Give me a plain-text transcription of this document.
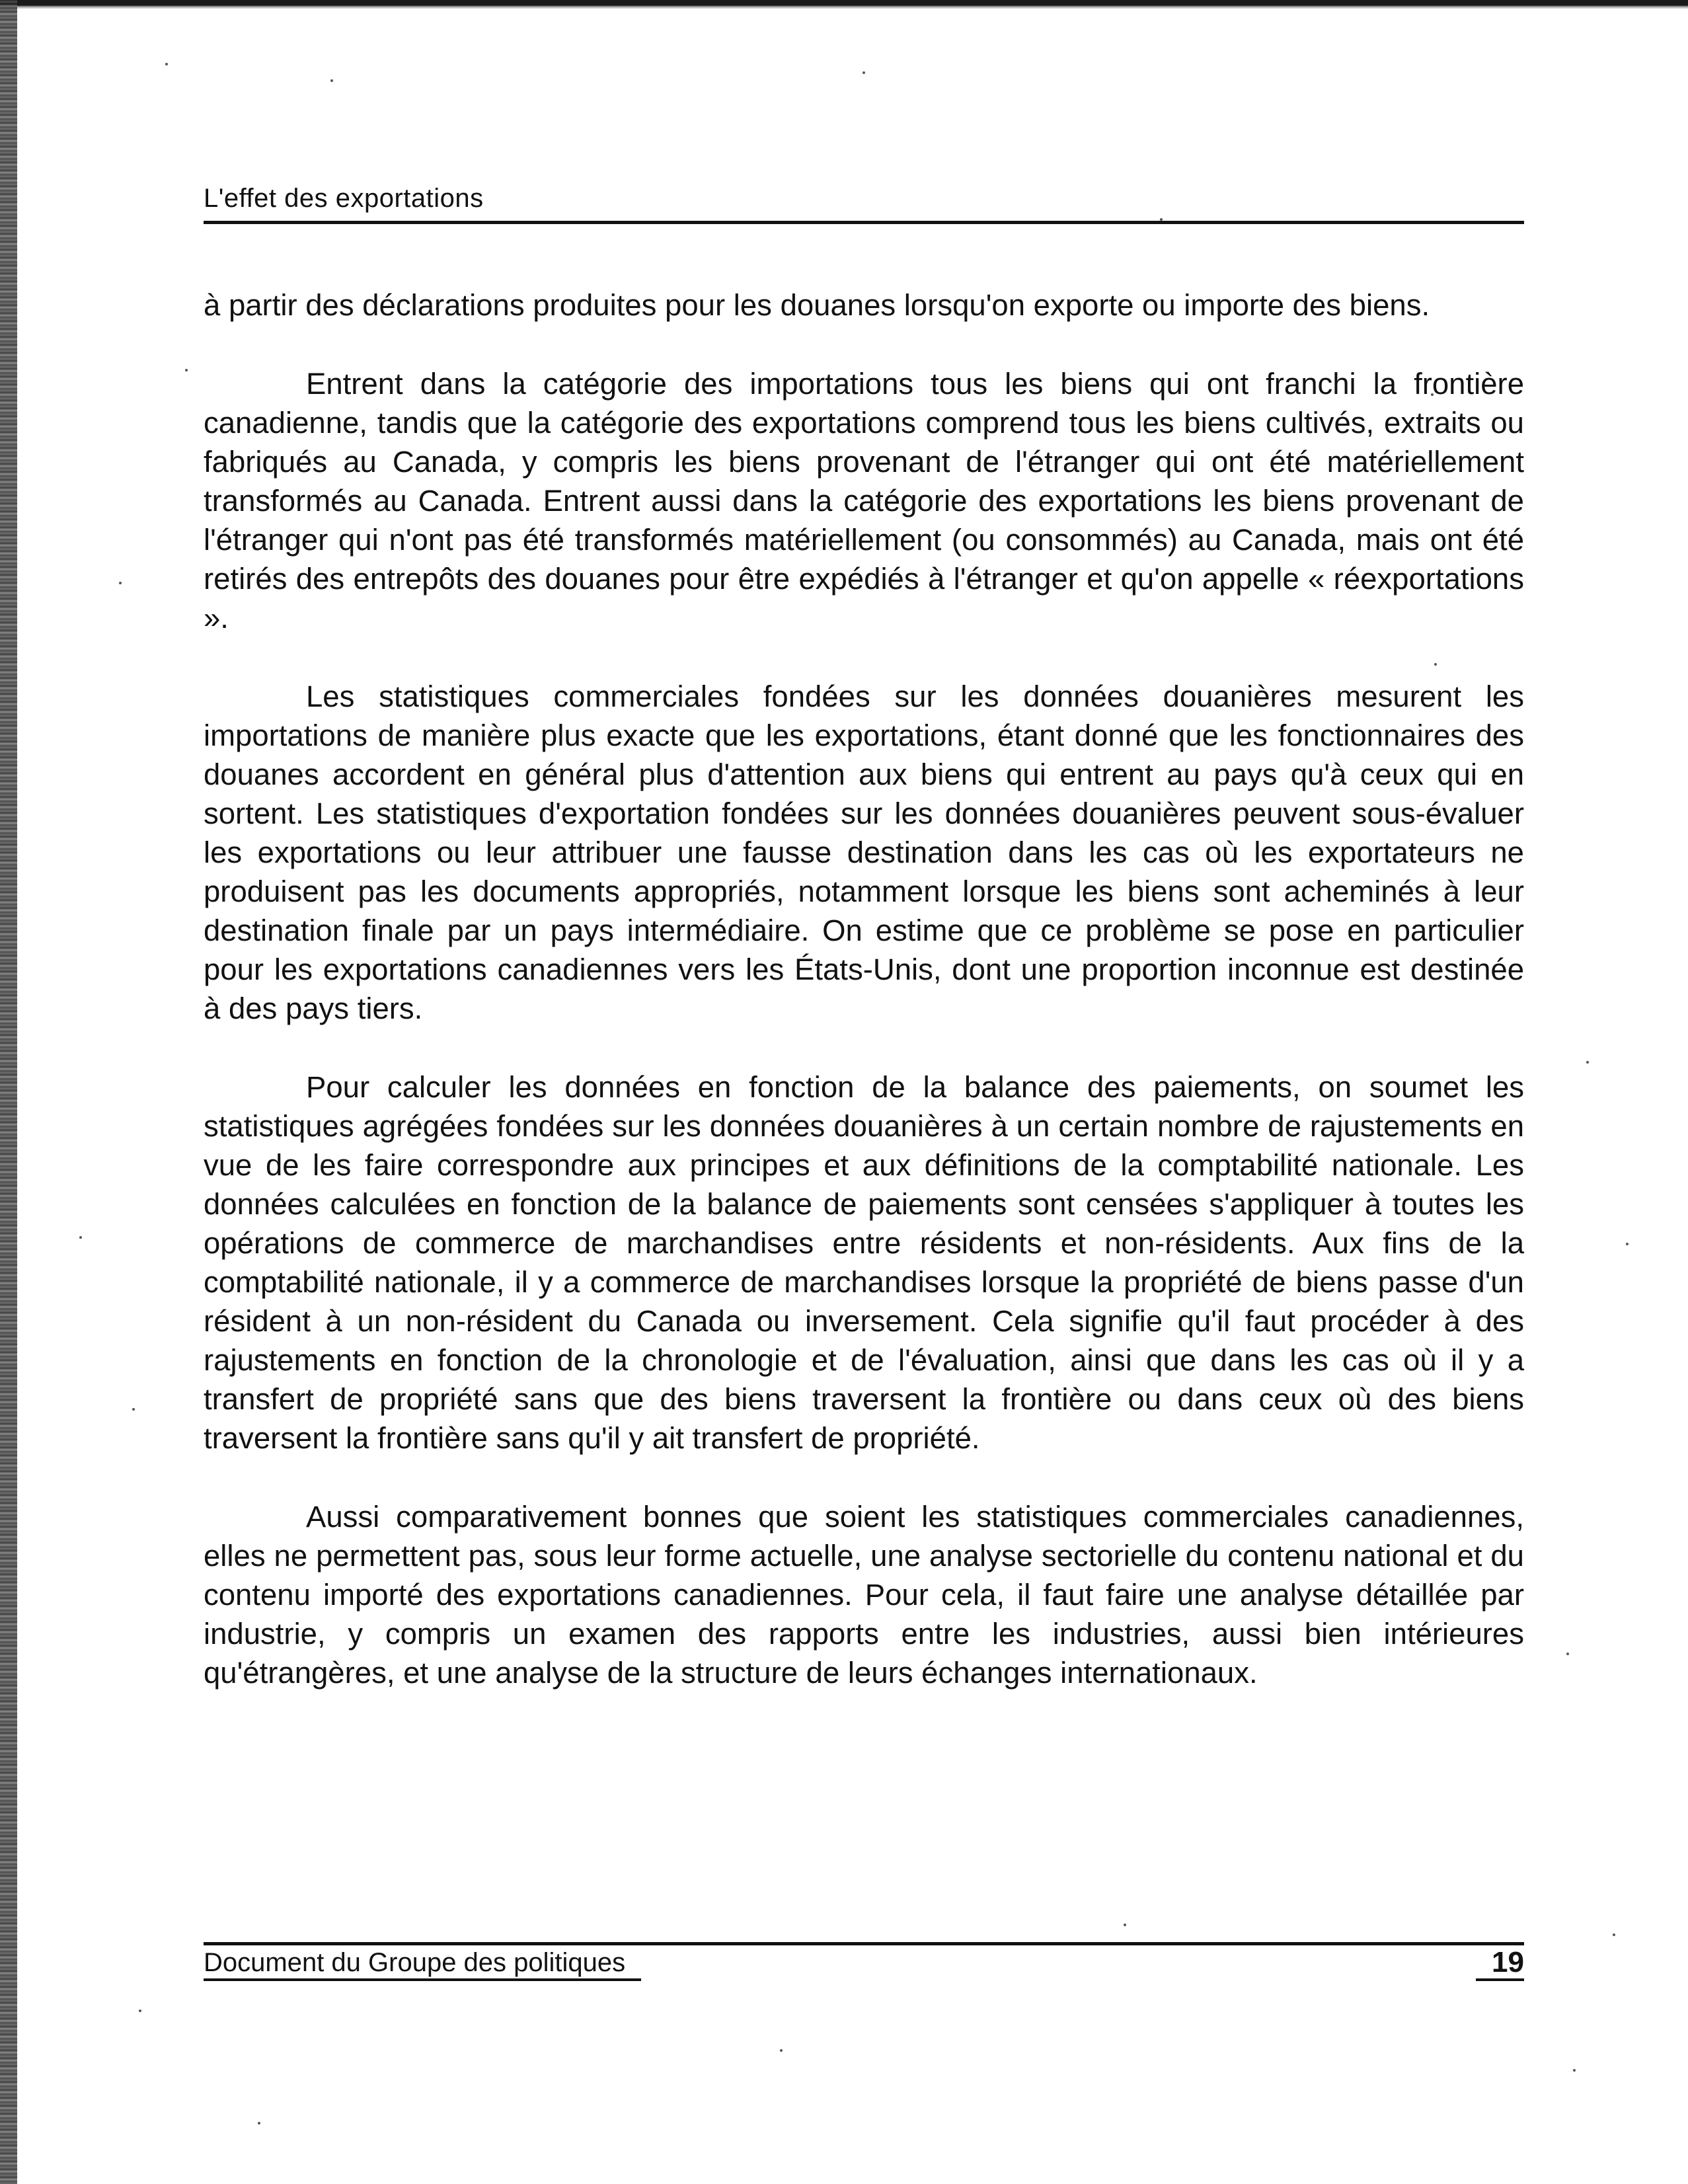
L'effet des exportations

à partir des déclarations produites pour les douanes lorsqu'on exporte ou importe des biens.

Entrent dans la catégorie des importations tous les biens qui ont franchi la frontière canadienne, tandis que la catégorie des exportations comprend tous les biens cultivés, extraits ou fabriqués au Canada, y compris les biens provenant de l'étranger qui ont été matériellement transformés au Canada. Entrent aussi dans la catégorie des exportations les biens provenant de l'étranger qui n'ont pas été transformés matériellement (ou consommés) au Canada, mais ont été retirés des entrepôts des douanes pour être expédiés à l'étranger et qu'on appelle « réexportations ».

Les statistiques commerciales fondées sur les données douanières mesurent les importations de manière plus exacte que les exportations, étant donné que les fonctionnaires des douanes accordent en général plus d'attention aux biens qui entrent au pays qu'à ceux qui en sortent. Les statistiques d'exportation fondées sur les données douanières peuvent sous-évaluer les exportations ou leur attribuer une fausse destination dans les cas où les exportateurs ne produisent pas les documents appropriés, notamment lorsque les biens sont acheminés à leur destination finale par un pays intermédiaire. On estime que ce problème se pose en particulier pour les exportations canadiennes vers les États-Unis, dont une proportion inconnue est destinée à des pays tiers.

Pour calculer les données en fonction de la balance des paiements, on soumet les statistiques agrégées fondées sur les données douanières à un certain nombre de rajustements en vue de les faire correspondre aux principes et aux définitions de la comptabilité nationale. Les données calculées en fonction de la balance de paiements sont censées s'appliquer à toutes les opérations de commerce de marchandises entre résidents et non-résidents. Aux fins de la comptabilité nationale, il y a commerce de marchandises lorsque la propriété de biens passe d'un résident à un non-résident du Canada ou inversement. Cela signifie qu'il faut procéder à des rajustements en fonction de la chronologie et de l'évaluation, ainsi que dans les cas où il y a transfert de propriété sans que des biens traversent la frontière ou dans ceux où des biens traversent la frontière sans qu'il y ait transfert de propriété.

Aussi comparativement bonnes que soient les statistiques commerciales canadiennes, elles ne permettent pas, sous leur forme actuelle, une analyse sectorielle du contenu national et du contenu importé des exportations canadiennes. Pour cela, il faut faire une analyse détaillée par industrie, y compris un examen des rapports entre les industries, aussi bien intérieures qu'étrangères, et une analyse de la structure de leurs échanges internationaux.

Document du Groupe des politiques	19
